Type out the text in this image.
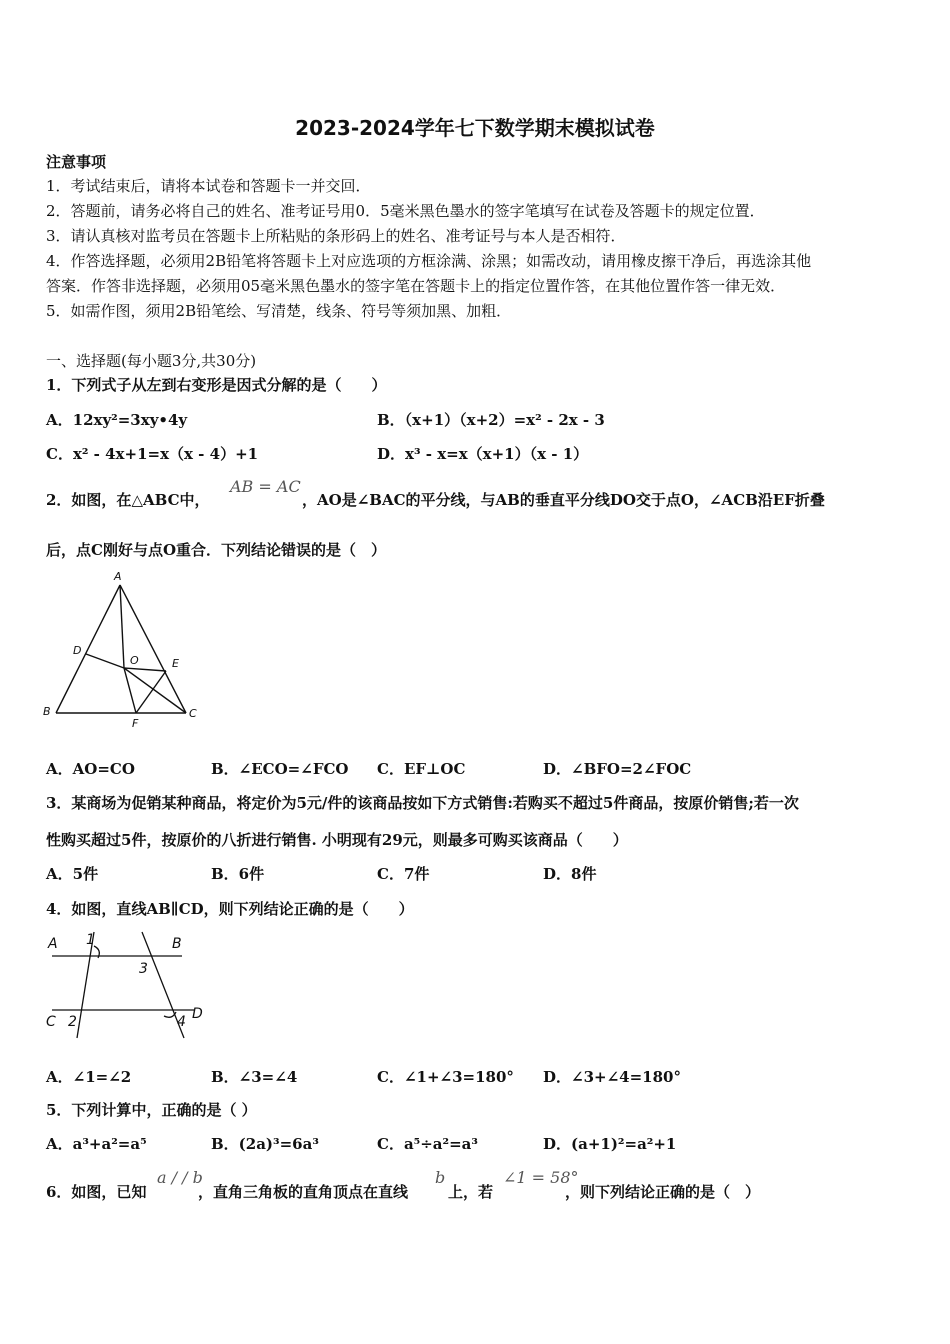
2023-2024学年七下数学期末模拟试卷
注意事项
1．考试结束后，请将本试卷和答题卡一并交回．
2．答题前，请务必将自己的姓名、准考证号用0．5毫米黑色墨水的签字笔填写在试卷及答题卡的规定位置．
3．请认真核对监考员在答题卡上所粘贴的条形码上的姓名、准考证号与本人是否相符．
4．作答选择题，必须用2B铅笔将答题卡上对应选项的方框涂满、涂黑；如需改动，请用橡皮擦干净后，再选涂其他
答案．作答非选择题，必须用05毫米黑色墨水的签字笔在答题卡上的指定位置作答，在其他位置作答一律无效．
5．如需作图，须用2B铅笔绘、写清楚，线条、符号等须加黑、加粗．
一、选择题(每小题3分,共30分)
1．下列式子从左到右变形是因式分解的是（　　）
A．12xy²=3xy•4y	B．（x+1）（x+2）=x² - 2x - 3
C．x² - 4x+1=x（x - 4）+1	D．x³ - x=x（x+1）（x - 1）
2．如图，在△ABC中，
AB = AC
，AO是∠BAC的平分线，与AB的垂直平分线DO交于点O，∠ACB沿EF折叠
后，点C刚好与点O重合．下列结论错误的是（　）
A
D
O	E
B
F
C
A．AO=CO	B．∠ECO=∠FCO C．EF⊥OC	D．∠BFO=2∠FOC
3．某商场为促销某种商品，将定价为5元/件的该商品按如下方式销售:若购买不超过5件商品，按原价销售;若一次
性购买超过5件，按原价的八折进行销售. 小明现有29元，则最多可购买该商品（　　）
A．5件	B．6件	C．7件	D．8件
4．如图，直线AB∥CD，则下列结论正确的是（　　）
A 1	B
3
C 2	4 D
A．∠1=∠2	B．∠3=∠4	C．∠1+∠3=180° D．∠3+∠4=180°
5．下列计算中，正确的是（ ）
A．a³+a²=a⁵	B．(2a)³=6a³	C．a⁵÷a²=a³	D．(a+1)²=a²+1
6．如图，已知
a / / b
，直角三角板的直角顶点在直线
b
上，若
∠1 = 58°
，则下列结论正确的是（　）
